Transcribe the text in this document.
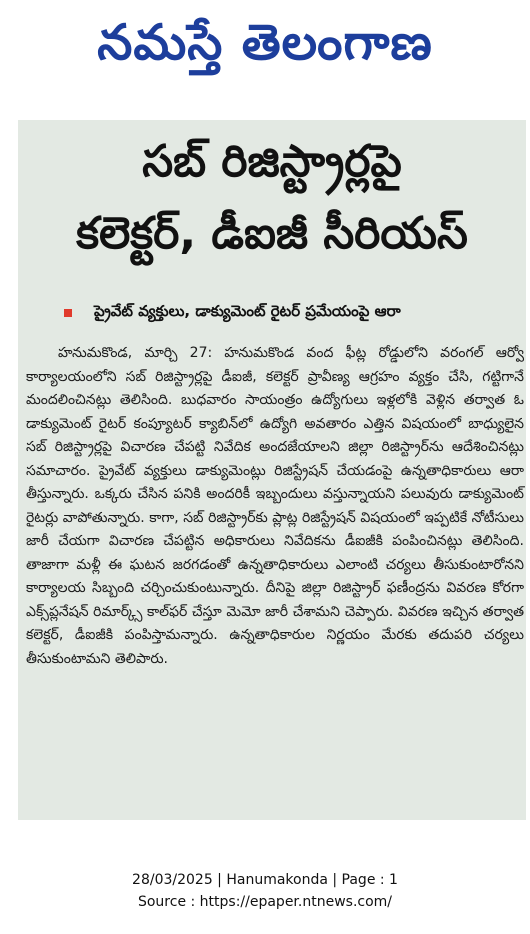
నమస్తే తెలంగాణ
సబ్ రిజిస్ట్రార్లపై
కలెక్టర్, డీఐజీ సీరియస్
ప్రైవేట్ వ్యక్తులు, డాక్యుమెంట్ రైటర్ ప్రమేయంపై ఆరా

హనుమకొండ, మార్చి 27: హనుమకొండ వంద ఫీట్ల రోడ్డులోని వరంగల్ ఆర్వో కార్యాలయంలోని సబ్ రిజిస్ట్రార్లపై డీఐజీ, కలెక్టర్ ప్రావీణ్య ఆగ్రహం వ్యక్తం చేసి, గట్టిగానే మందలించినట్లు తెలిసింది. బుధవారం సాయంత్రం ఉద్యోగులు ఇళ్లలోకి వెళ్లిన తర్వాత ఓ డాక్యుమెంట్ రైటర్ కంప్యూటర్ క్యాబిన్‌లో ఉద్యోగి అవతారం ఎత్తిన విషయంలో బాధ్యులైన సబ్ రిజిస్ట్రార్లపై విచారణ చేపట్టి నివేదిక అందజేయాలని జిల్లా రిజిస్ట్రార్‌ను ఆదేశించినట్లు సమాచారం. ప్రైవేట్ వ్యక్తులు డాక్యుమెంట్లు రిజిస్ట్రేషన్ చేయడంపై ఉన్నతాధికారులు ఆరా తీస్తున్నారు. ఒక్కరు చేసిన పనికి అందరికీ ఇబ్బందులు వస్తున్నాయని పలువురు డాక్యుమెంట్ రైటర్లు వాపోతున్నారు. కాగా, సబ్ రిజిస్ట్రార్‌కు ప్లాట్ల రిజిస్ట్రేషన్ విషయంలో ఇప్పటికే నోటీసులు జారీ చేయగా విచారణ చేపట్టిన అధికారులు నివేదికను డీఐజీకి పంపించినట్లు తెలిసింది. తాజాగా మళ్లీ ఈ ఘటన జరగడంతో ఉన్నతాధికారులు ఎలాంటి చర్యలు తీసుకుంటారోనని కార్యాలయ సిబ్బంది చర్చించుకుంటున్నారు. దీనిపై జిల్లా రిజిస్ట్రార్ ఫణీంద్రను వివరణ కోరగా ఎక్స్‌ప్లనేషన్ రిమార్క్స్ కాల్‌ఫర్ చేస్తూ మెమో జారీ చేశామని చెప్పారు. వివరణ ఇచ్చిన తర్వాత కలెక్టర్, డీఐజీకి పంపిస్తామన్నారు. ఉన్నతాధికారుల నిర్ణయం మేరకు తదుపరి చర్యలు తీసుకుంటామని తెలిపారు.

28/03/2025 | Hanumakonda | Page : 1
Source : https://epaper.ntnews.com/
